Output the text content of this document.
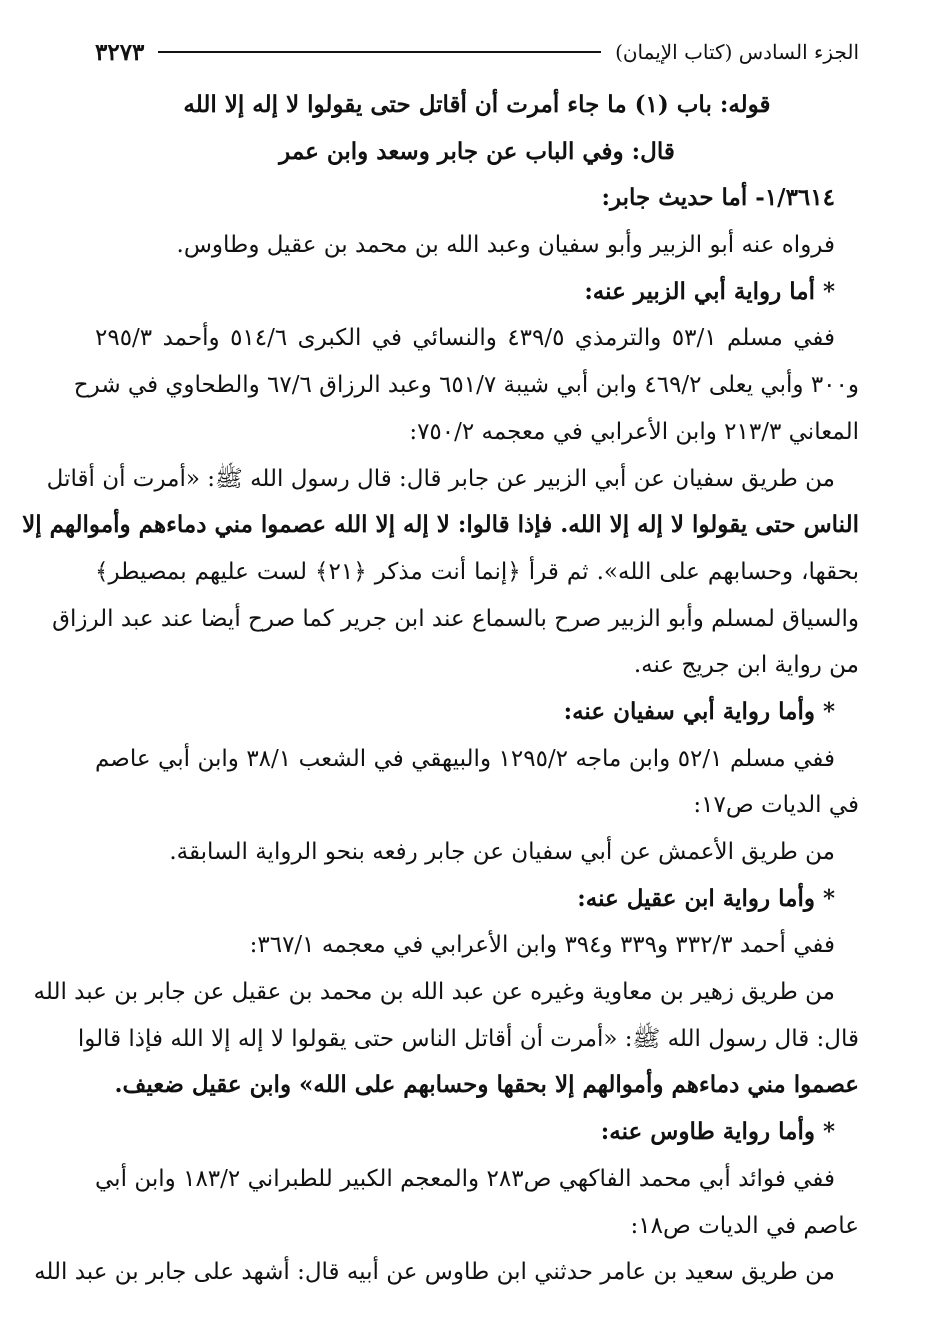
الجزء السادس (كتاب الإيمان)
٣٢٧٣
قوله: باب (١) ما جاء أمرت أن أقاتل حتى يقولوا لا إله إلا الله
قال: وفي الباب عن جابر وسعد وابن عمر
١/٣٦١٤- أما حديث جابر:
فرواه عنه أبو الزبير وأبو سفيان وعبد الله بن محمد بن عقيل وطاوس.
* أما رواية أبي الزبير عنه:
ففي مسلم ٥٣/١ والترمذي ٤٣٩/٥ والنسائي في الكبرى ٥١٤/٦ وأحمد ٢٩٥/٣
و٣٠٠ وأبي يعلى ٤٦٩/٢ وابن أبي شيبة ٦٥١/٧ وعبد الرزاق ٦٧/٦ والطحاوي في شرح
المعاني ٢١٣/٣ وابن الأعرابي في معجمه ٧٥٠/٢:
من طريق سفيان عن أبي الزبير عن جابر قال: قال رسول الله ﷺ: «أمرت أن أقاتل
الناس حتى يقولوا لا إله إلا الله. فإذا قالوا: لا إله إلا الله عصموا مني دماءهم وأموالهم إلا
بحقها، وحسابهم على الله». ثم قرأ ﴿إنما أنت مذكر ﴿٢١﴾ لست عليهم بمصيطر﴾
والسياق لمسلم وأبو الزبير صرح بالسماع عند ابن جرير كما صرح أيضا عند عبد الرزاق
من رواية ابن جريج عنه.
* وأما رواية أبي سفيان عنه:
ففي مسلم ٥٢/١ وابن ماجه ١٢٩٥/٢ والبيهقي في الشعب ٣٨/١ وابن أبي عاصم
في الديات ص١٧:
من طريق الأعمش عن أبي سفيان عن جابر رفعه بنحو الرواية السابقة.
* وأما رواية ابن عقيل عنه:
ففي أحمد ٣٣٢/٣ و٣٣٩ و٣٩٤ وابن الأعرابي في معجمه ٣٦٧/١:
من طريق زهير بن معاوية وغيره عن عبد الله بن محمد بن عقيل عن جابر بن عبد الله
قال: قال رسول الله ﷺ: «أمرت أن أقاتل الناس حتى يقولوا لا إله إلا الله فإذا قالوا
عصموا مني دماءهم وأموالهم إلا بحقها وحسابهم على الله» وابن عقيل ضعيف.
* وأما رواية طاوس عنه:
ففي فوائد أبي محمد الفاكهي ص٢٨٣ والمعجم الكبير للطبراني ١٨٣/٢ وابن أبي
عاصم في الديات ص١٨:
من طريق سعيد بن عامر حدثني ابن طاوس عن أبيه قال: أشهد على جابر بن عبد الله
